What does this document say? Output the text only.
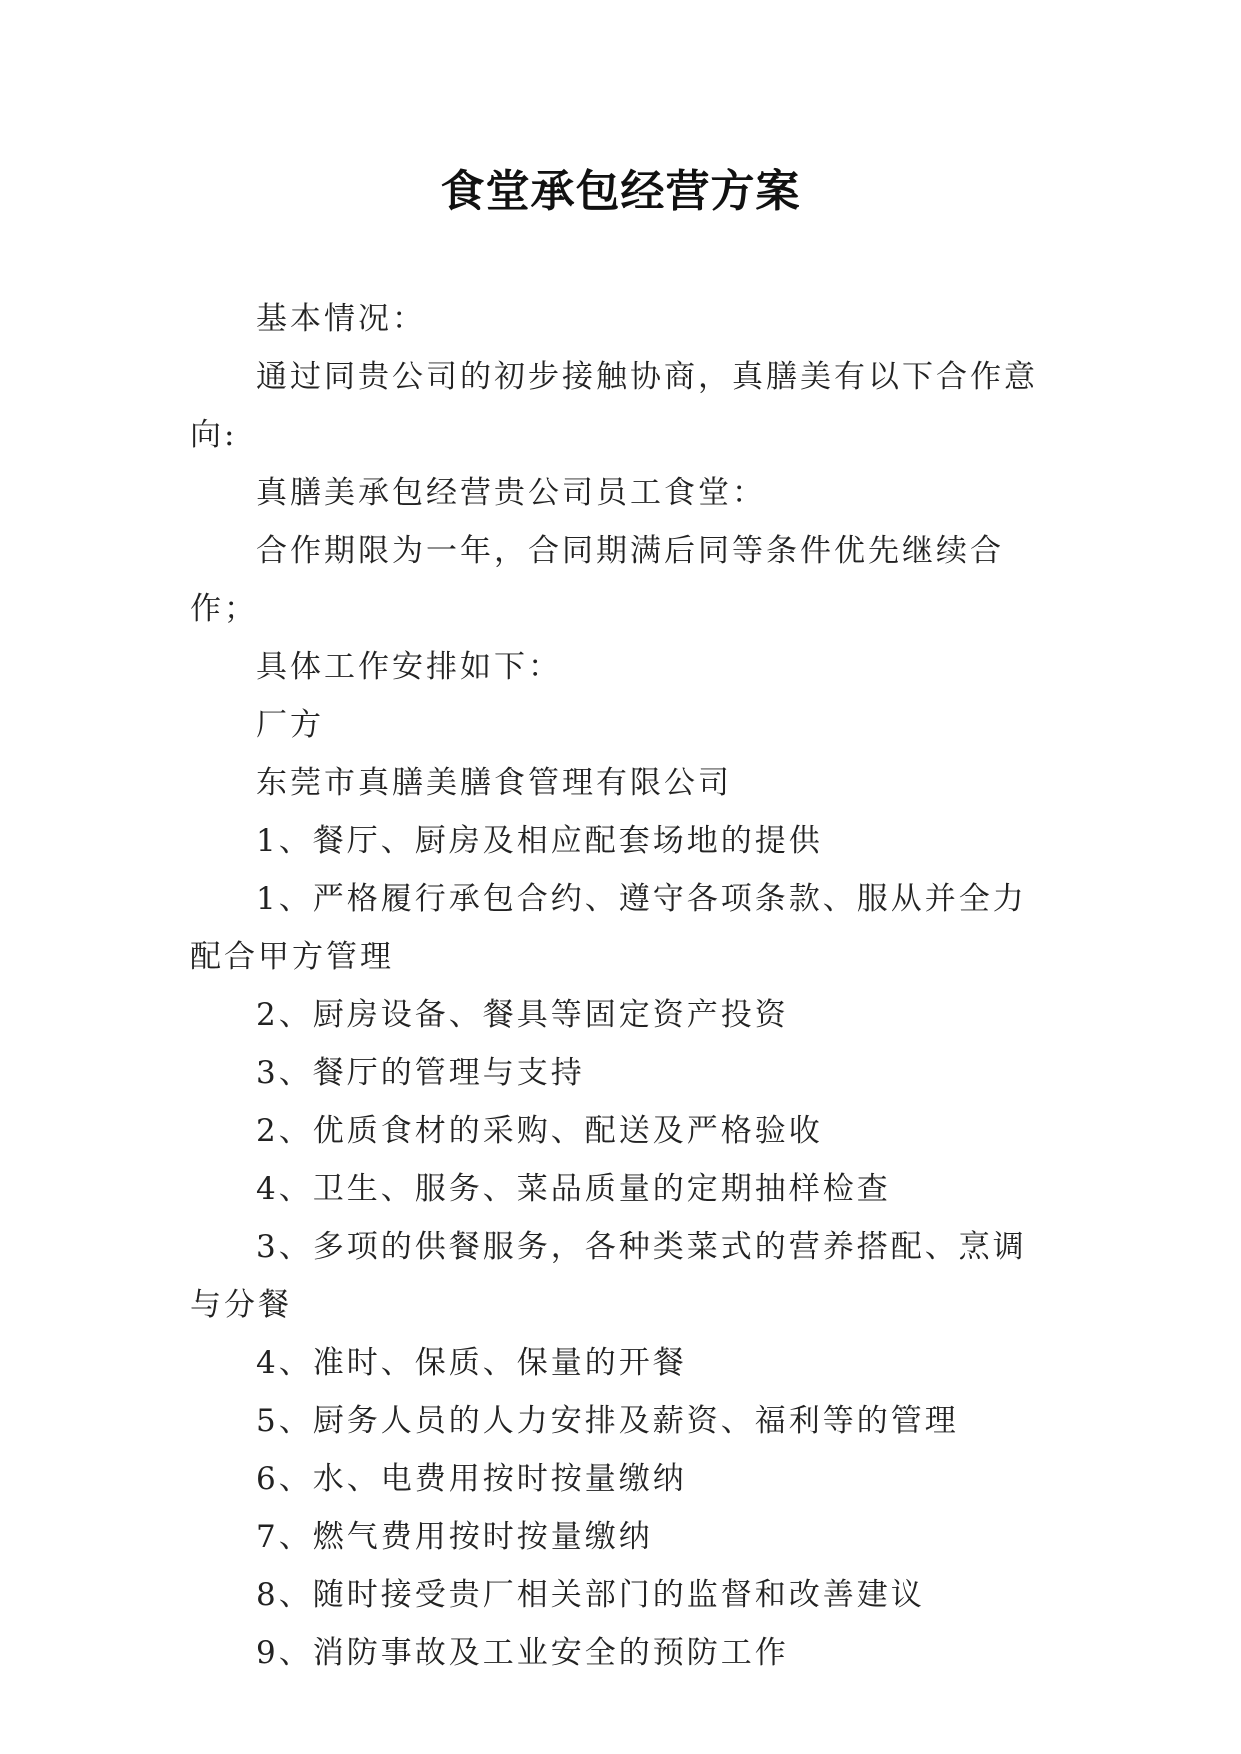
食堂承包经营方案

基本情况：

通过同贵公司的初步接触协商，真膳美有以下合作意向:

真膳美承包经营贵公司员工食堂：

合作期限为一年，合同期满后同等条件优先继续合作；

具体工作安排如下：

厂方

东莞市真膳美膳食管理有限公司

1、餐厅、厨房及相应配套场地的提供

1、严格履行承包合约、遵守各项条款、服从并全力配合甲方管理

2、厨房设备、餐具等固定资产投资

3、餐厅的管理与支持

2、优质食材的采购、配送及严格验收

4、卫生、服务、菜品质量的定期抽样检查

3、多项的供餐服务，各种类菜式的营养搭配、烹调与分餐

4、准时、保质、保量的开餐

5、厨务人员的人力安排及薪资、福利等的管理

6、水、电费用按时按量缴纳

7、燃气费用按时按量缴纳

8、随时接受贵厂相关部门的监督和改善建议

9、消防事故及工业安全的预防工作
